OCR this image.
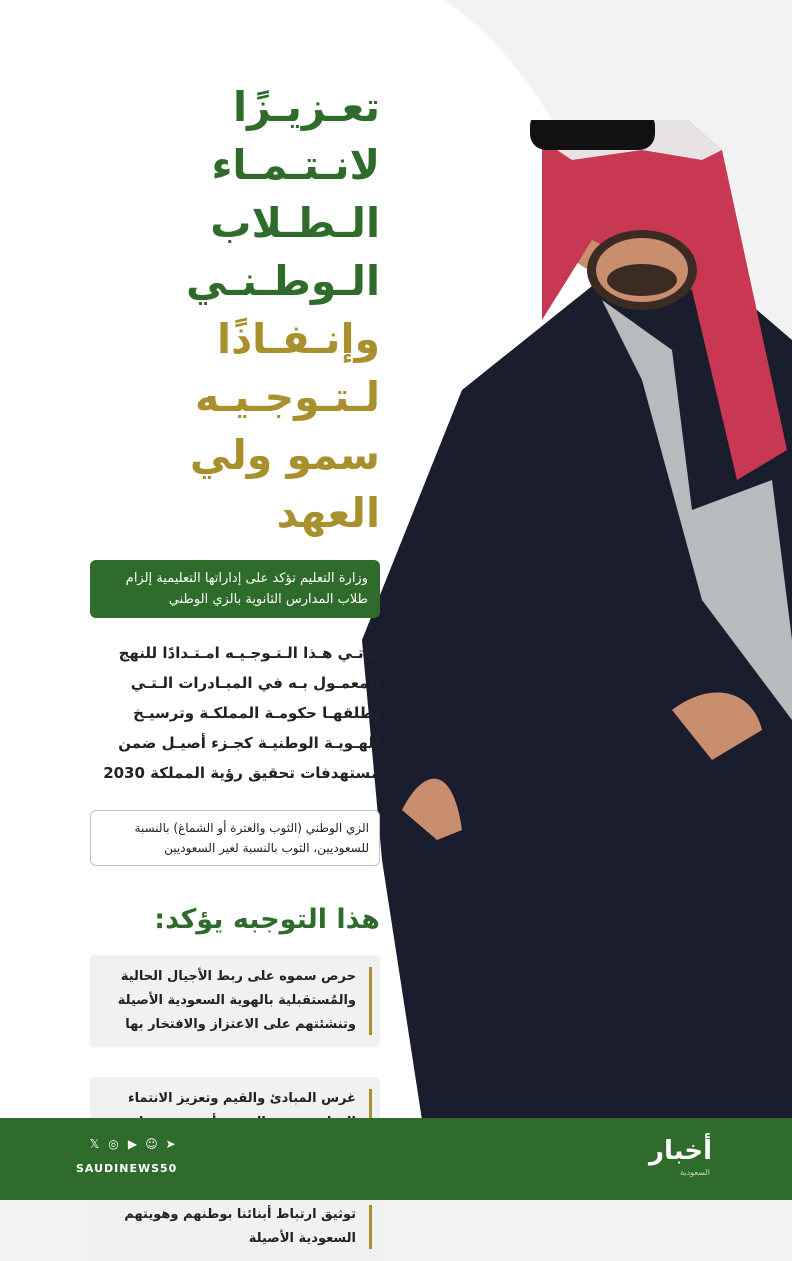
تعـزيـزًا لانـتـمـاء
الـطـلاب الـوطـنـي
وإنـفـاذًا لـتـوجـيـه
سمو ولي العهد
وزارة التعليم تؤكد على إداراتها التعليمية إلزام طلاب المدارس الثانوية بالزي الوطني
يـأتـي هـذا الـتـوجـيـه امـتـدادًا للنهج المعمـول بـه في المبـادرات الـتـي تطلقهـا حكومـة المملكـة وترسيـخ للهـويـة الوطنيـة كجـزء أصيـل ضمن مستهدفات تحقيق رؤية المملكة 2030
الزي الوطني (الثوب والغترة أو الشماغ) بالنسبة للسعوديين، الثوب بالنسبة لغير السعوديين
هذا التوجبه يؤكد:
حرص سموه على ربط الأجيال الحالية والمُستقبلية بالهوية السعودية الأصيلة وتنشئتهم على الاعتزاز والافتخار بها
غرس المبادئ والقيم وتعزيز الانتماء
توثيق ارتباط أبنائنا بوطنهم وهويتهم السعودية الأصيلة
𝕏 ◎ ▶ ☺ ➤
SAUDINEWS50
أخبار
السعودية
